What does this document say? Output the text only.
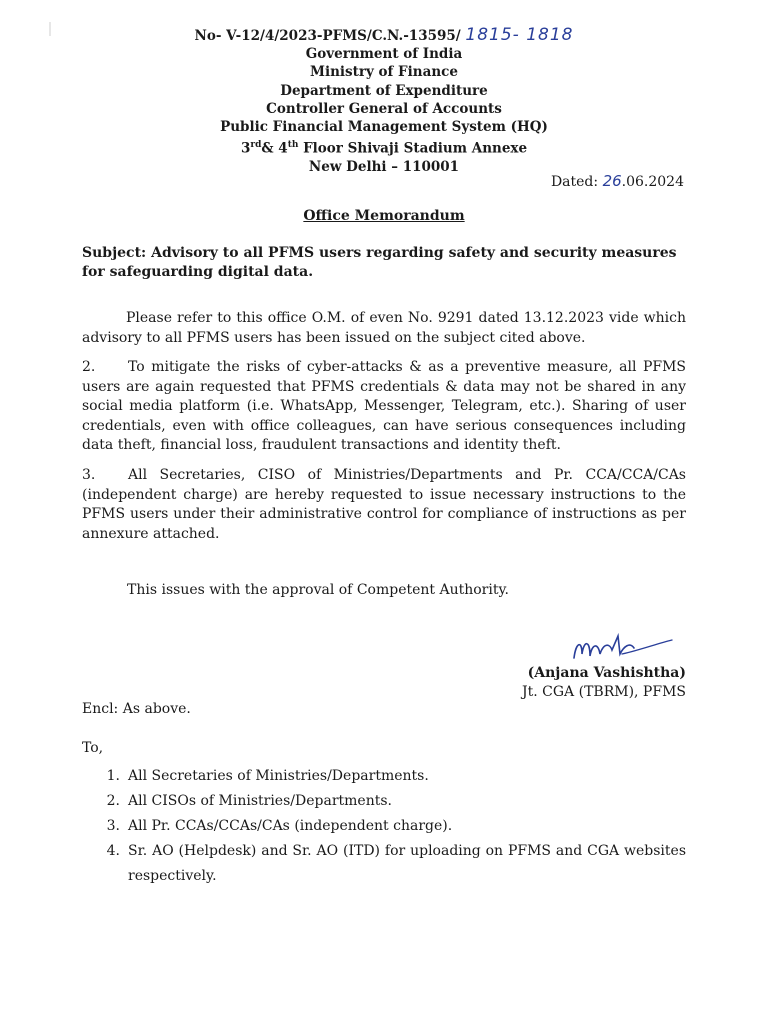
No- V-12/4/2023-PFMS/C.N.-13595/ 1815- 1818
Government of India
Ministry of Finance
Department of Expenditure
Controller General of Accounts
Public Financial Management System (HQ)
3rd& 4th Floor Shivaji Stadium Annexe
New Delhi – 110001
Dated: 26.06.2024
Office Memorandum
Subject: Advisory to all PFMS users regarding safety and security measures for safeguarding digital data.
Please refer to this office O.M. of even No. 9291 dated 13.12.2023 vide which advisory to all PFMS users has been issued on the subject cited above.
2. To mitigate the risks of cyber-attacks & as a preventive measure, all PFMS users are again requested that PFMS credentials & data may not be shared in any social media platform (i.e. WhatsApp, Messenger, Telegram, etc.). Sharing of user credentials, even with office colleagues, can have serious consequences including data theft, financial loss, fraudulent transactions and identity theft.
3. All Secretaries, CISO of Ministries/Departments and Pr. CCA/CCA/CAs (independent charge) are hereby requested to issue necessary instructions to the PFMS users under their administrative control for compliance of instructions as per annexure attached.
This issues with the approval of Competent Authority.
(Anjana Vashishtha)
Jt. CGA (TBRM), PFMS
Encl: As above.
To,
1. All Secretaries of Ministries/Departments.
2. All CISOs of Ministries/Departments.
3. All Pr. CCAs/CCAs/CAs (independent charge).
4. Sr. AO (Helpdesk) and Sr. AO (ITD) for uploading on PFMS and CGA websites respectively.
